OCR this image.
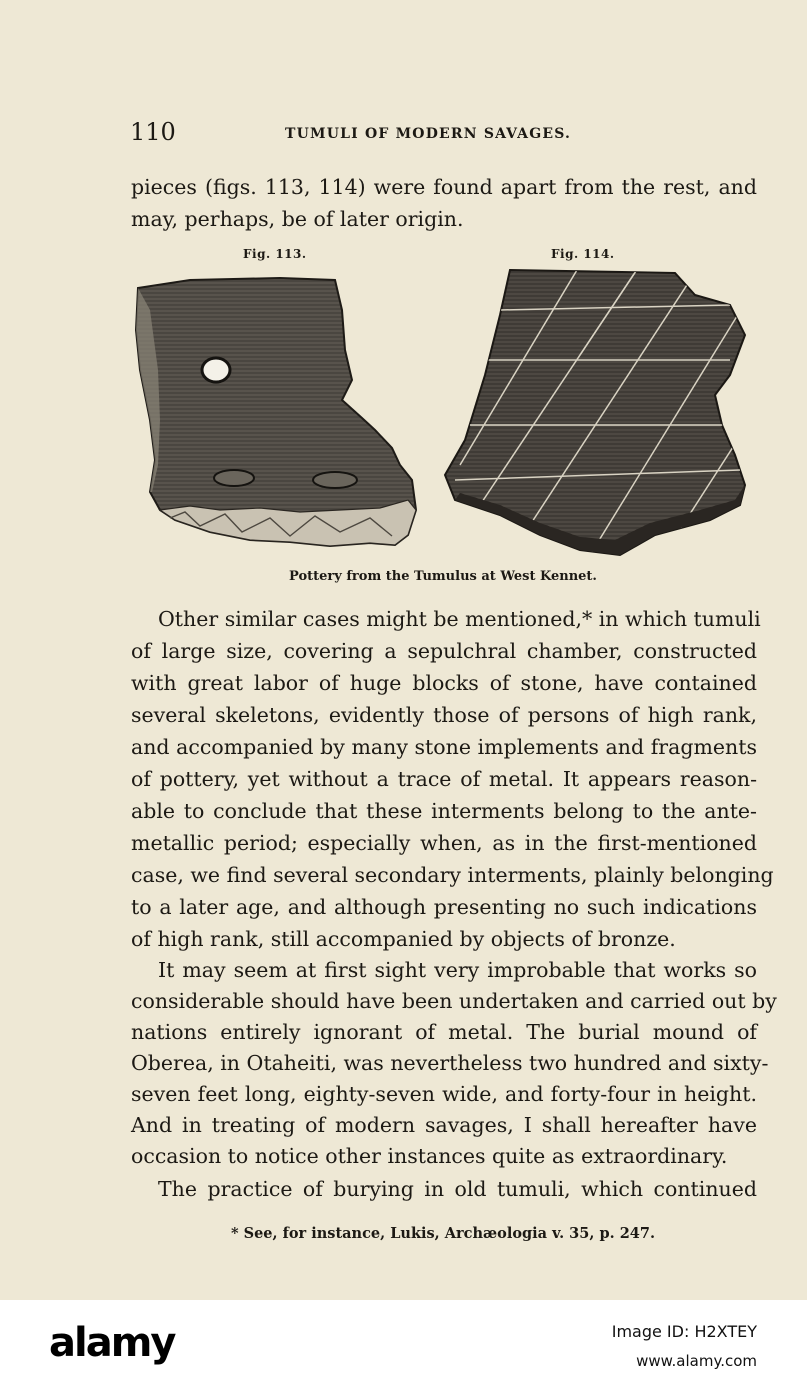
110	TUMULI OF MODERN SAVAGES.
pieces (figs. 113, 114) were found apart from the rest, and
may, perhaps, be of later origin.
Fig. 113.	Fig. 114.
Pottery from the Tumulus at West Kennet.
Other similar cases might be mentioned,* in which tumuli
of large size, covering a sepulchral chamber, constructed
with great labor of huge blocks of stone, have contained
several skeletons, evidently those of persons of high rank,
and accompanied by many stone implements and fragments
of pottery, yet without a trace of metal. It appears reason-
able to conclude that these interments belong to the ante-
metallic period; especially when, as in the first-mentioned
case, we find several secondary interments, plainly belonging
to a later age, and although presenting no such indications
of high rank, still accompanied by objects of bronze.
It may seem at first sight very improbable that works so
considerable should have been undertaken and carried out by
nations entirely ignorant of metal. The burial mound of
Oberea, in Otaheiti, was nevertheless two hundred and sixty-
seven feet long, eighty-seven wide, and forty-four in height.
And in treating of modern savages, I shall hereafter have
occasion to notice other instances quite as extraordinary.
The practice of burying in old tumuli, which continued
* See, for instance, Lukis, Archæologia v. 35, p. 247.
alamy	Image ID: H2XTEY
www.alamy.com
